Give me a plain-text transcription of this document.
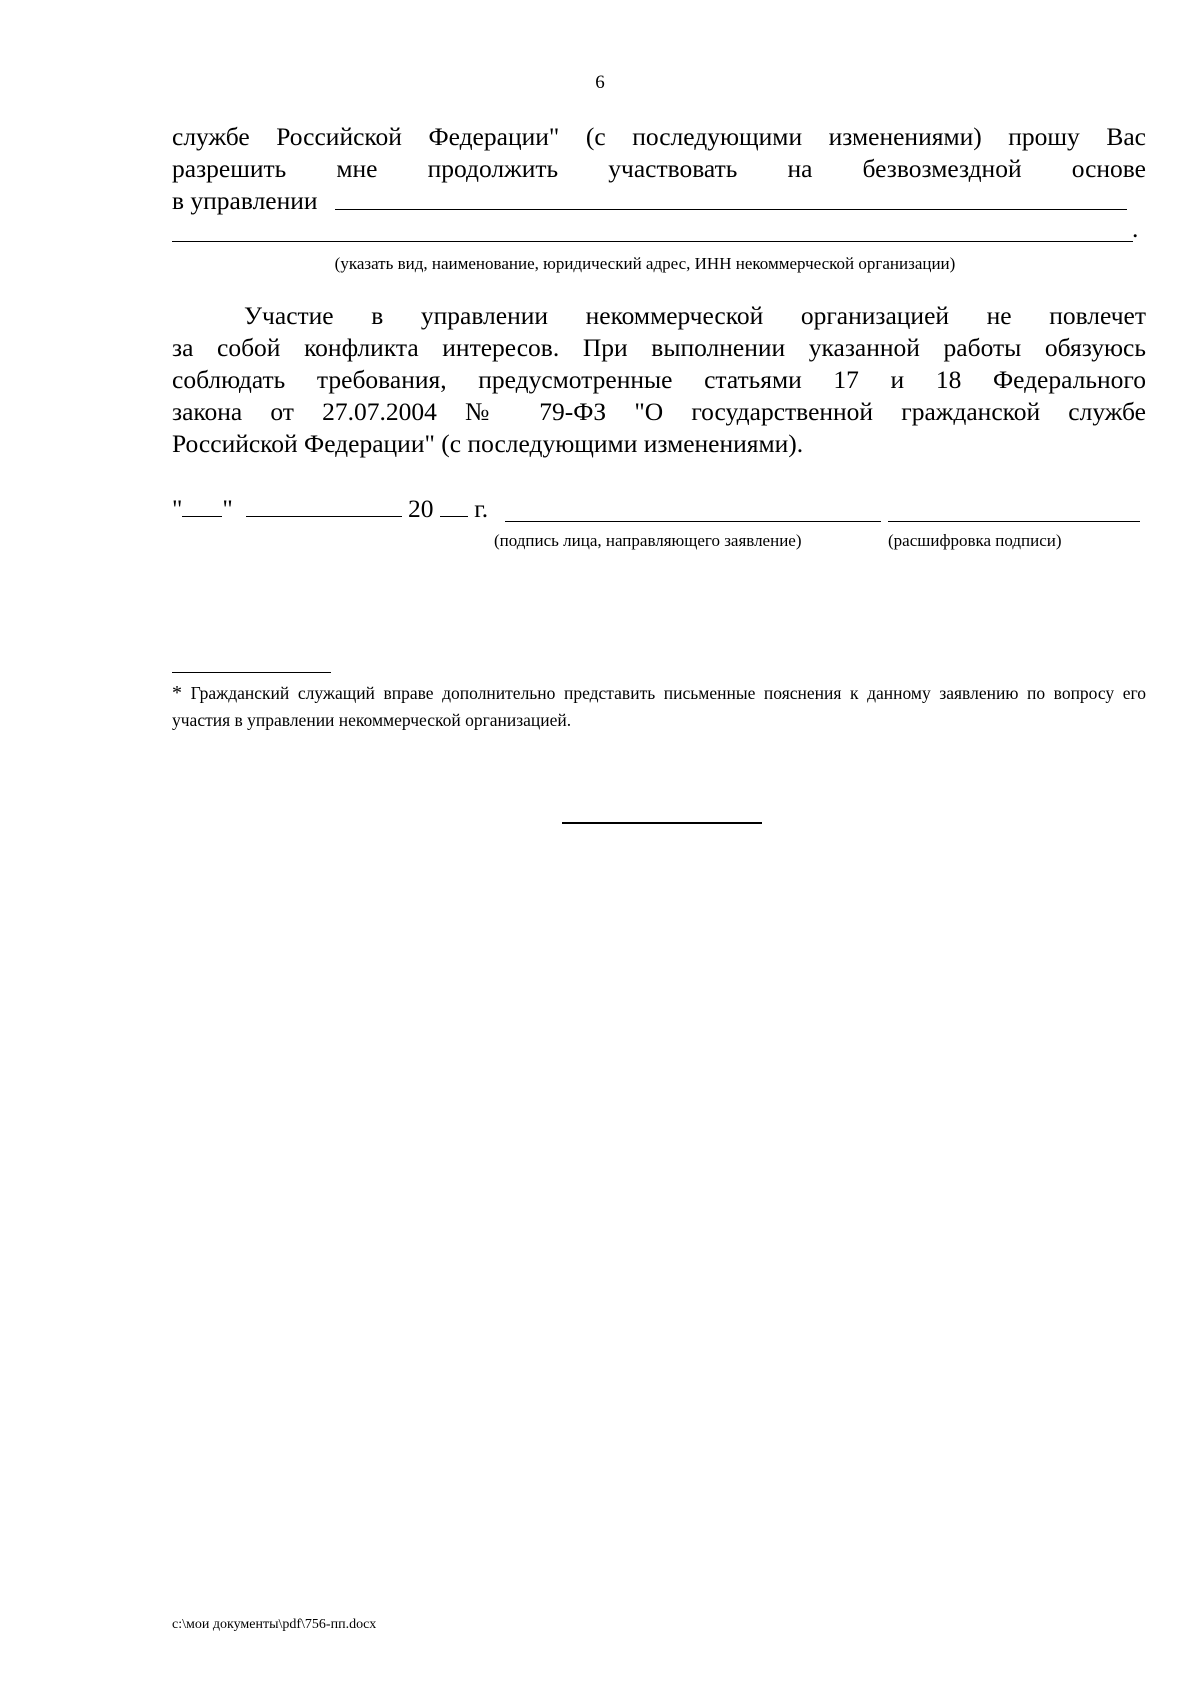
6
службе Российской Федерации" (с последующими изменениями) прошу Вас
разрешить мне продолжить участвовать на безвозмездной основе
в управлении
.
(указать вид, наименование, юридический адрес, ИНН некоммерческой организации)

Участие в управлении некоммерческой организацией не повлечет

за собой конфликта интересов. При выполнении указанной работы обязуюсь

соблюдать требования, предусмотренные статьями 17 и 18 Федерального

закона от 27.07.2004 № 79-ФЗ "О государственной гражданской службе

Российской Федерации" (с последующими изменениями).

" "	20 г.
(подпись лица, направляющего заявление)	(расшифровка подписи)

* Гражданский служащий вправе дополнительно представить письменные пояснения к данному заявлению по вопросу его участия в управлении некоммерческой организацией.

c:\мои документы\pdf\756-пп.docx
